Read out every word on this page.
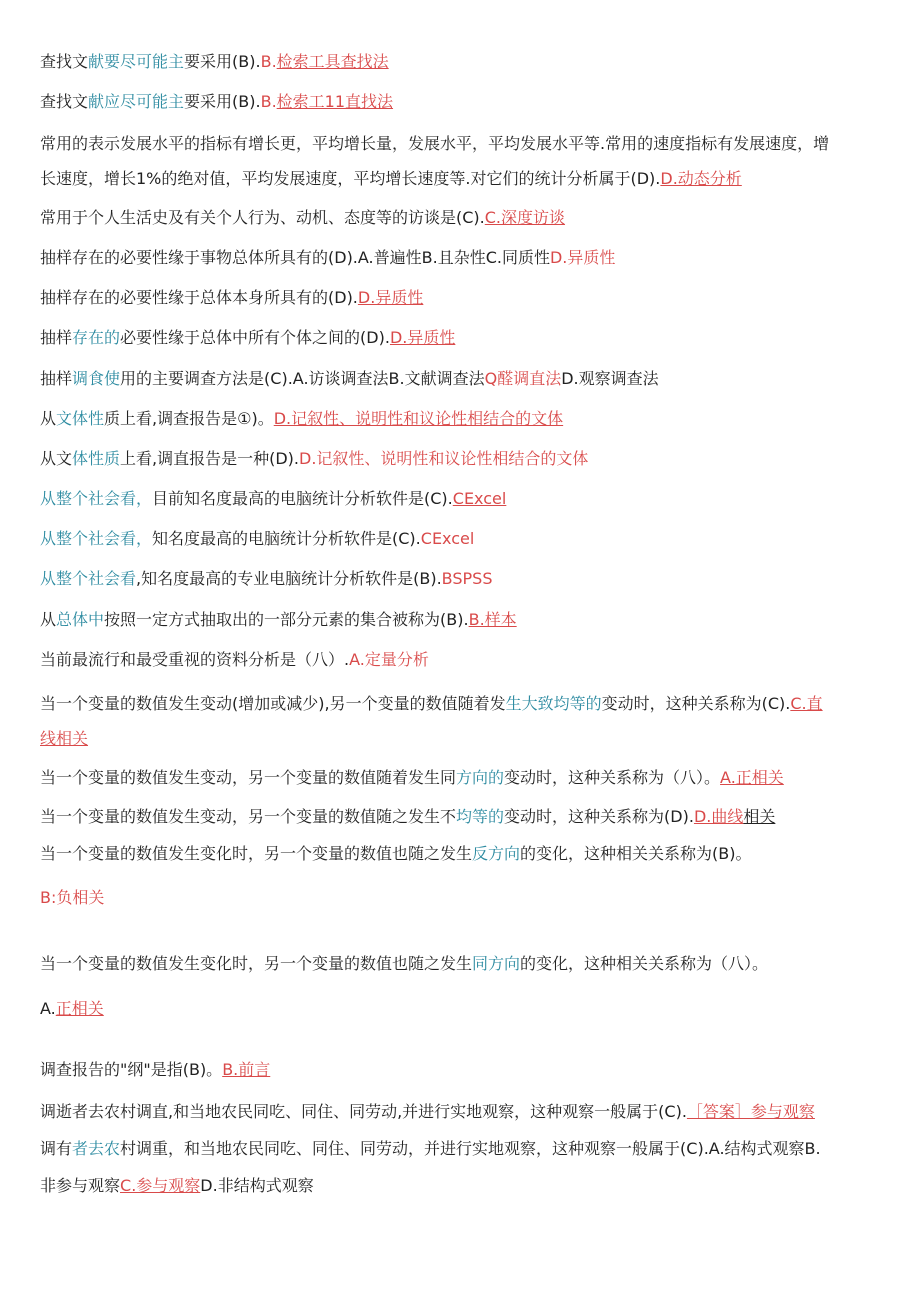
查找文献要尽可能主要采用(B).B.检索工具查找法
查找文献应尽可能主要采用(B).B.检索工11直找法
常用的表示发展水平的指标有增长更，平均增长量，发展水平，平均发展水平等.常用的速度指标有发展速度，增
长速度，增长1%的绝对值，平均发展速度，平均增长速度等.对它们的统计分析属于(D).D.动态分析
常用于个人生活史及有关个人行为、动机、态度等的访谈是(C).C.深度访谈
抽样存在的必要性缘于事物总体所具有的(D).A.普遍性B.且杂性C.同质性D.异质性
抽样存在的必要性缘于总体本身所具有的(D).D.异质性
抽样存在的必要性缘于总体中所有个体之间的(D).D.异质性
抽样调食使用的主要调查方法是(C).A.访谈调查法B.文献调查法Q醛调直法D.观察调查法
从文体性质上看,调查报告是①)。D.记叙性、说明性和议论性相结合的文体
从文体性质上看,调直报告是一种(D).D.记叙性、说明性和议论性相结合的文体
从整个社会看，目前知名度最高的电脑统计分析软件是(C).CExcel
从整个社会看，知名度最高的电脑统计分析软件是(C).CExcel
从整个社会看,知名度最高的专业电脑统计分析软件是(B).BSPSS
从总体中按照一定方式抽取出的一部分元素的集合被称为(B).B.样本
当前最流行和最受重视的资料分析是（八）.A.定量分析
当一个变量的数值发生变动(增加或减少),另一个变量的数值随着发生大致均等的变动时，这种关系称为(C).C.直
线相关
当一个变量的数值发生变动，另一个变量的数值随着发生同方向的变动时，这种关系称为（八）。A.正相关
当一个变量的数值发生变动，另一个变量的数值随之发生不均等的变动时，这种关系称为(D).D.曲线相关
当一个变量的数值发生变化时，另一个变量的数值也随之发生反方向的变化，这种相关关系称为(B)。
B:负相关
当一个变量的数值发生变化时，另一个变量的数值也随之发生同方向的变化，这种相关关系称为（八）。
A.正相关
调查报告的"纲"是指(B)。B.前言
调逝者去农村调直,和当地农民同吃、同住、同劳动,并进行实地观察，这种观察一般属于(C).［答案］参与观察
调有者去农村调重，和当地农民同吃、同住、同劳动，并进行实地观察，这种观察一般属于(C).A.结构式观察B.
非参与观察C.参与观察D.非结构式观察
